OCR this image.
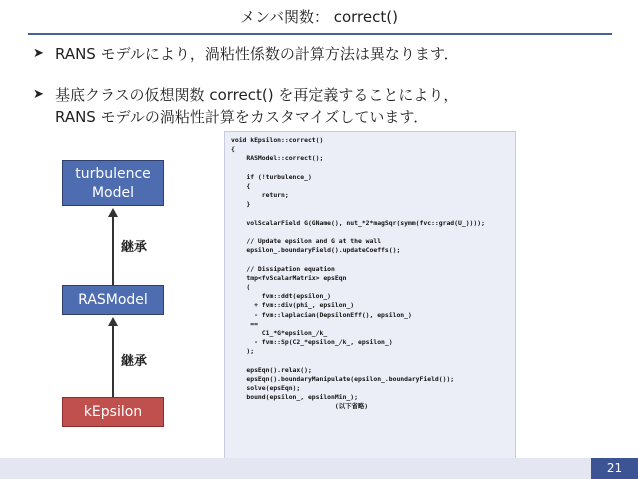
メンバ関数： correct()
➤ RANS モデルにより，渦粘性係数の計算方法は異なります．
➤ 基底クラスの仮想関数 correct() を再定義することにより，
RANS モデルの渦粘性計算をカスタマイズしています．
turbulence
Model
継承
RASModel
継承
kEpsilon
void kEpsilon::correct()
{
RASModel::correct();
if (!turbulence_)
{
return;
}
volScalarField G(GName(), nut_*2*magSqr(symm(fvc::grad(U_))));
// Update epsilon and G at the wall
epsilon_.boundaryField().updateCoeffs();
// Dissipation equation
tmp<fvScalarMatrix> epsEqn
(
fvm::ddt(epsilon_)
+ fvm::div(phi_, epsilon_)
- fvm::laplacian(DepsilonEff(), epsilon_)
==
C1_*G*epsilon_/k_
- fvm::Sp(C2_*epsilon_/k_, epsilon_)
);
epsEqn().relax();
epsEqn().boundaryManipulate(epsilon_.boundaryField());
solve(epsEqn);
bound(epsilon_, epsilonMin_);
(以下省略)
21
